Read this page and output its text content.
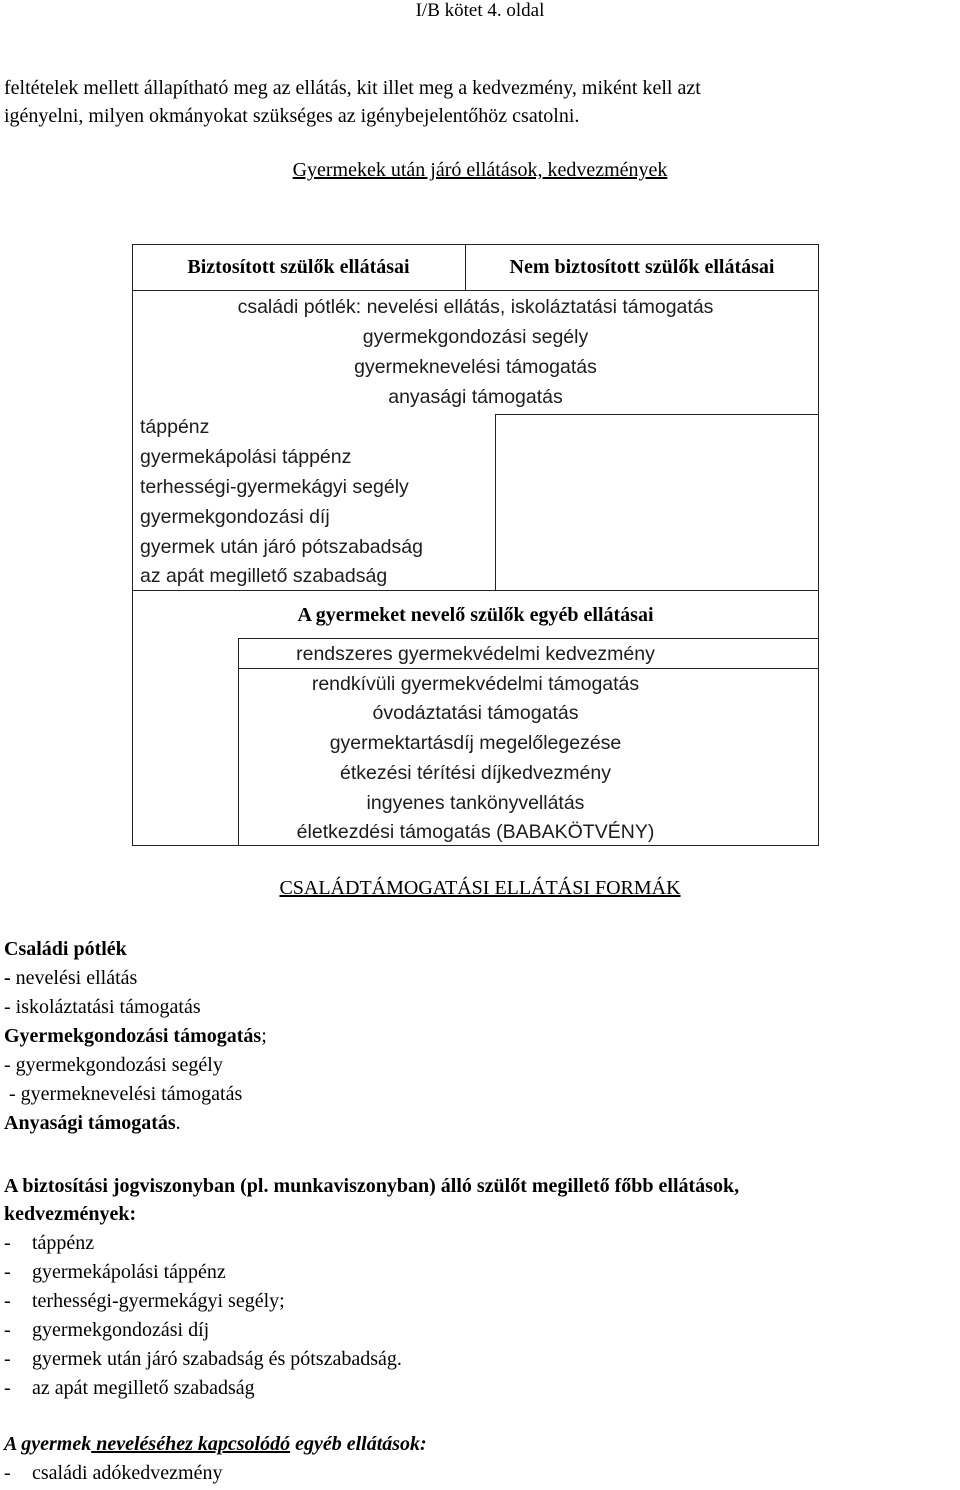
I/B kötet 4. oldal
feltételek mellett állapítható meg az ellátás, kit illet meg a kedvezmény, miként kell azt
igényelni, milyen okmányokat szükséges az igénybejelentőhöz csatolni.
Gyermekek után járó ellátások, kedvezmények
Biztosított szülők ellátásai	Nem biztosított szülők ellátásai
családi pótlék: nevelési ellátás, iskoláztatási támogatás
gyermekgondozási segély
gyermeknevelési támogatás
anyasági támogatás
táppénz
gyermekápolási táppénz
terhességi-gyermekágyi segély
gyermekgondozási díj
gyermek után járó pótszabadság
az apát megillető szabadság
A gyermeket nevelő szülők egyéb ellátásai
rendszeres gyermekvédelmi kedvezmény
rendkívüli gyermekvédelmi támogatás
óvodáztatási támogatás
gyermektartásdíj megelőlegezése
étkezési térítési díjkedvezmény
ingyenes tankönyvellátás
életkezdési támogatás (BABAKÖTVÉNY)
CSALÁDTÁMOGATÁSI ELLÁTÁSI FORMÁK
Családi pótlék
- nevelési ellátás
- iskoláztatási támogatás
Gyermekgondozási támogatás;
- gyermekgondozási segély
- gyermeknevelési támogatás
Anyasági támogatás.
A biztosítási jogviszonyban (pl. munkaviszonyban) álló szülőt megillető főbb ellátások,
kedvezmények:
-	táppénz
-	gyermekápolási táppénz
-	terhességi-gyermekágyi segély;
-	gyermekgondozási díj
-	gyermek után járó szabadság és pótszabadság.
-	az apát megillető szabadság
A gyermek neveléséhez kapcsolódó egyéb ellátások:
-	családi adókedvezmény
